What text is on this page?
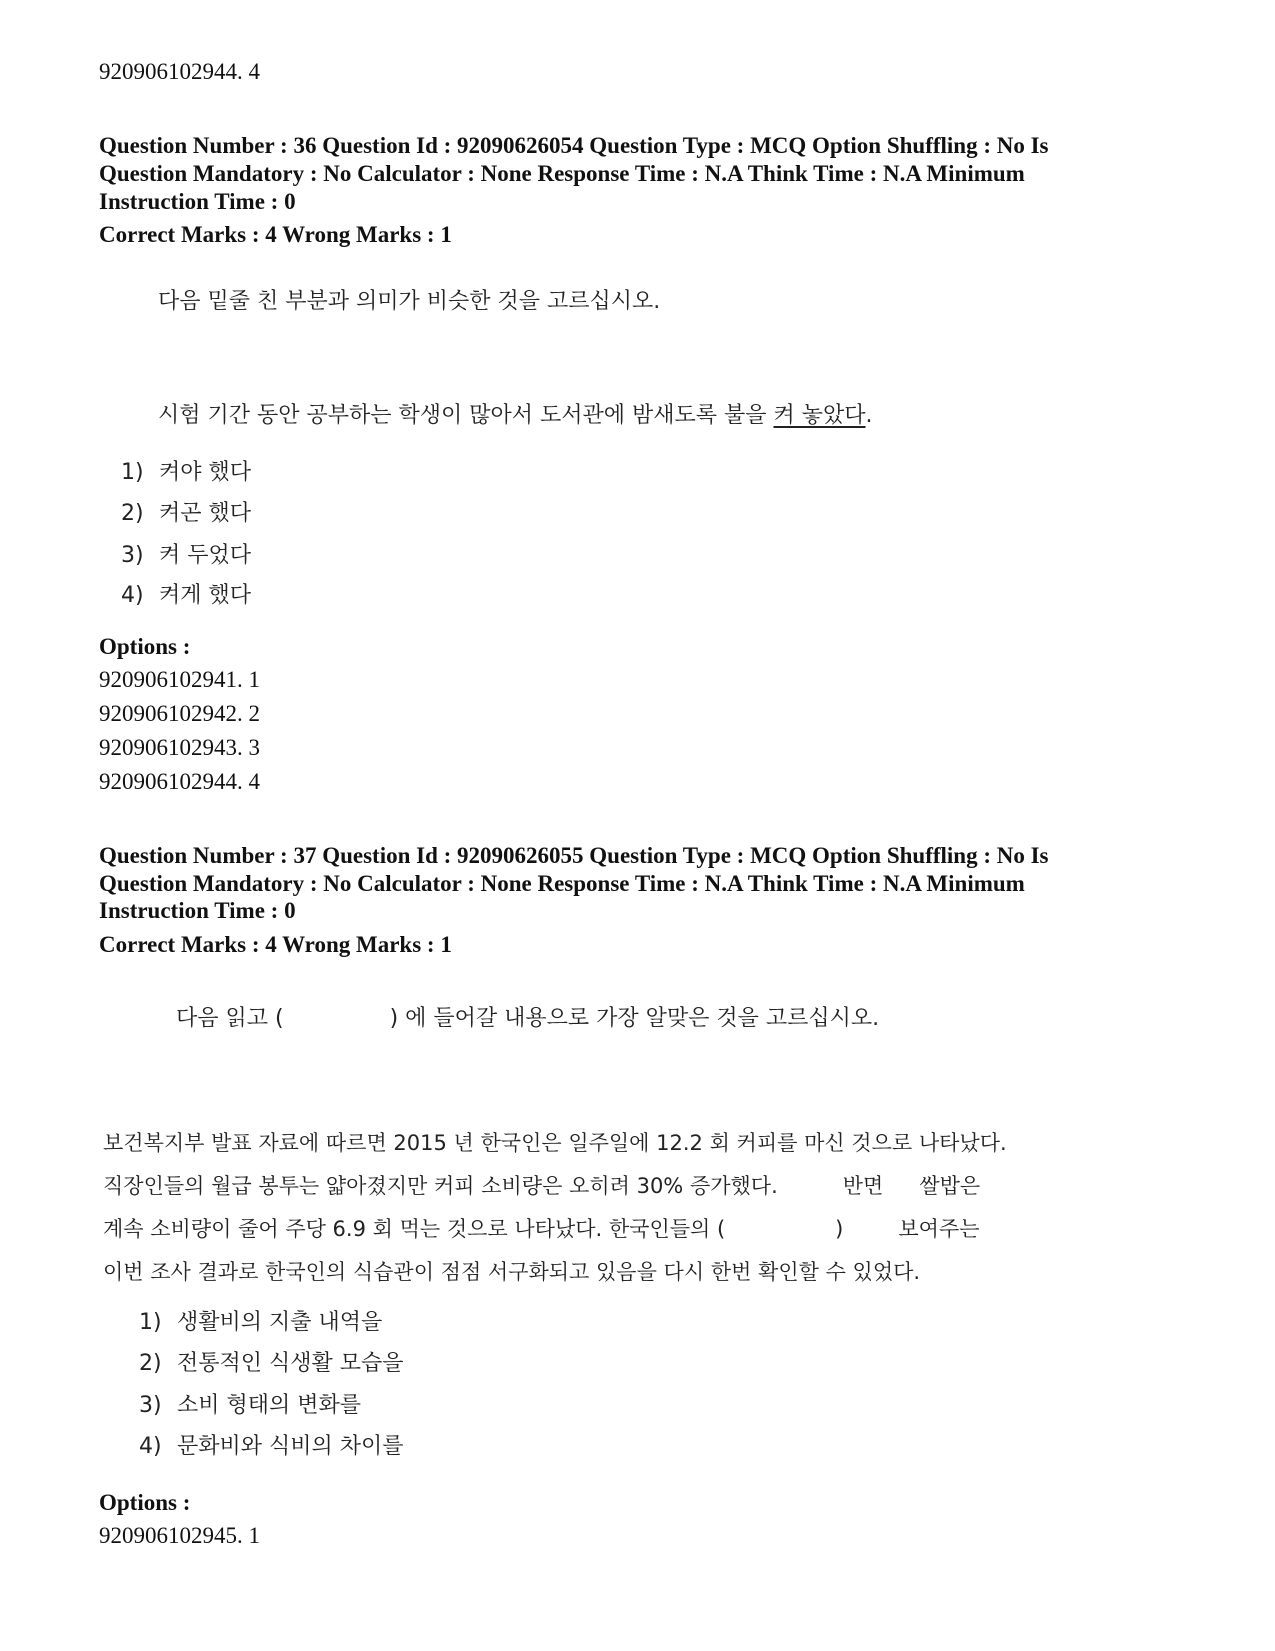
920906102944. 4
Question Number : 36 Question Id : 92090626054 Question Type : MCQ Option Shuffling : No Is
Question Mandatory : No Calculator : None Response Time : N.A Think Time : N.A Minimum
Instruction Time : 0
Correct Marks : 4 Wrong Marks : 1
다음 밑줄 친 부분과 의미가 비슷한 것을 고르십시오.
시험 기간 동안 공부하는 학생이 많아서 도서관에 밤새도록 불을 켜 놓았다.
1) 켜야 했다
2) 켜곤 했다
3) 켜 두었다
4) 켜게 했다
Options :
920906102941. 1
920906102942. 2
920906102943. 3
920906102944. 4
Question Number : 37 Question Id : 92090626055 Question Type : MCQ Option Shuffling : No Is
Question Mandatory : No Calculator : None Response Time : N.A Think Time : N.A Minimum
Instruction Time : 0
Correct Marks : 4 Wrong Marks : 1
다음 읽고 (	) 에 들어갈 내용으로 가장 알맞은 것을 고르십시오.
보건복지부 발표 자료에 따르면 2015 년 한국인은 일주일에 12.2 회 커피를 마신 것으로 나타났다.
직장인들의 월급 봉투는 얇아졌지만 커피 소비량은 오히려 30% 증가했다.	반면 쌀밥은
계속 소비량이 줄어 주당 6.9 회 먹는 것으로 나타났다. 한국인들의 (	)	보여주는
이번 조사 결과로 한국인의 식습관이 점점 서구화되고 있음을 다시 한번 확인할 수 있었다.
1) 생활비의 지출 내역을
2) 전통적인 식생활 모습을
3) 소비 형태의 변화를
4) 문화비와 식비의 차이를
Options :
920906102945. 1
